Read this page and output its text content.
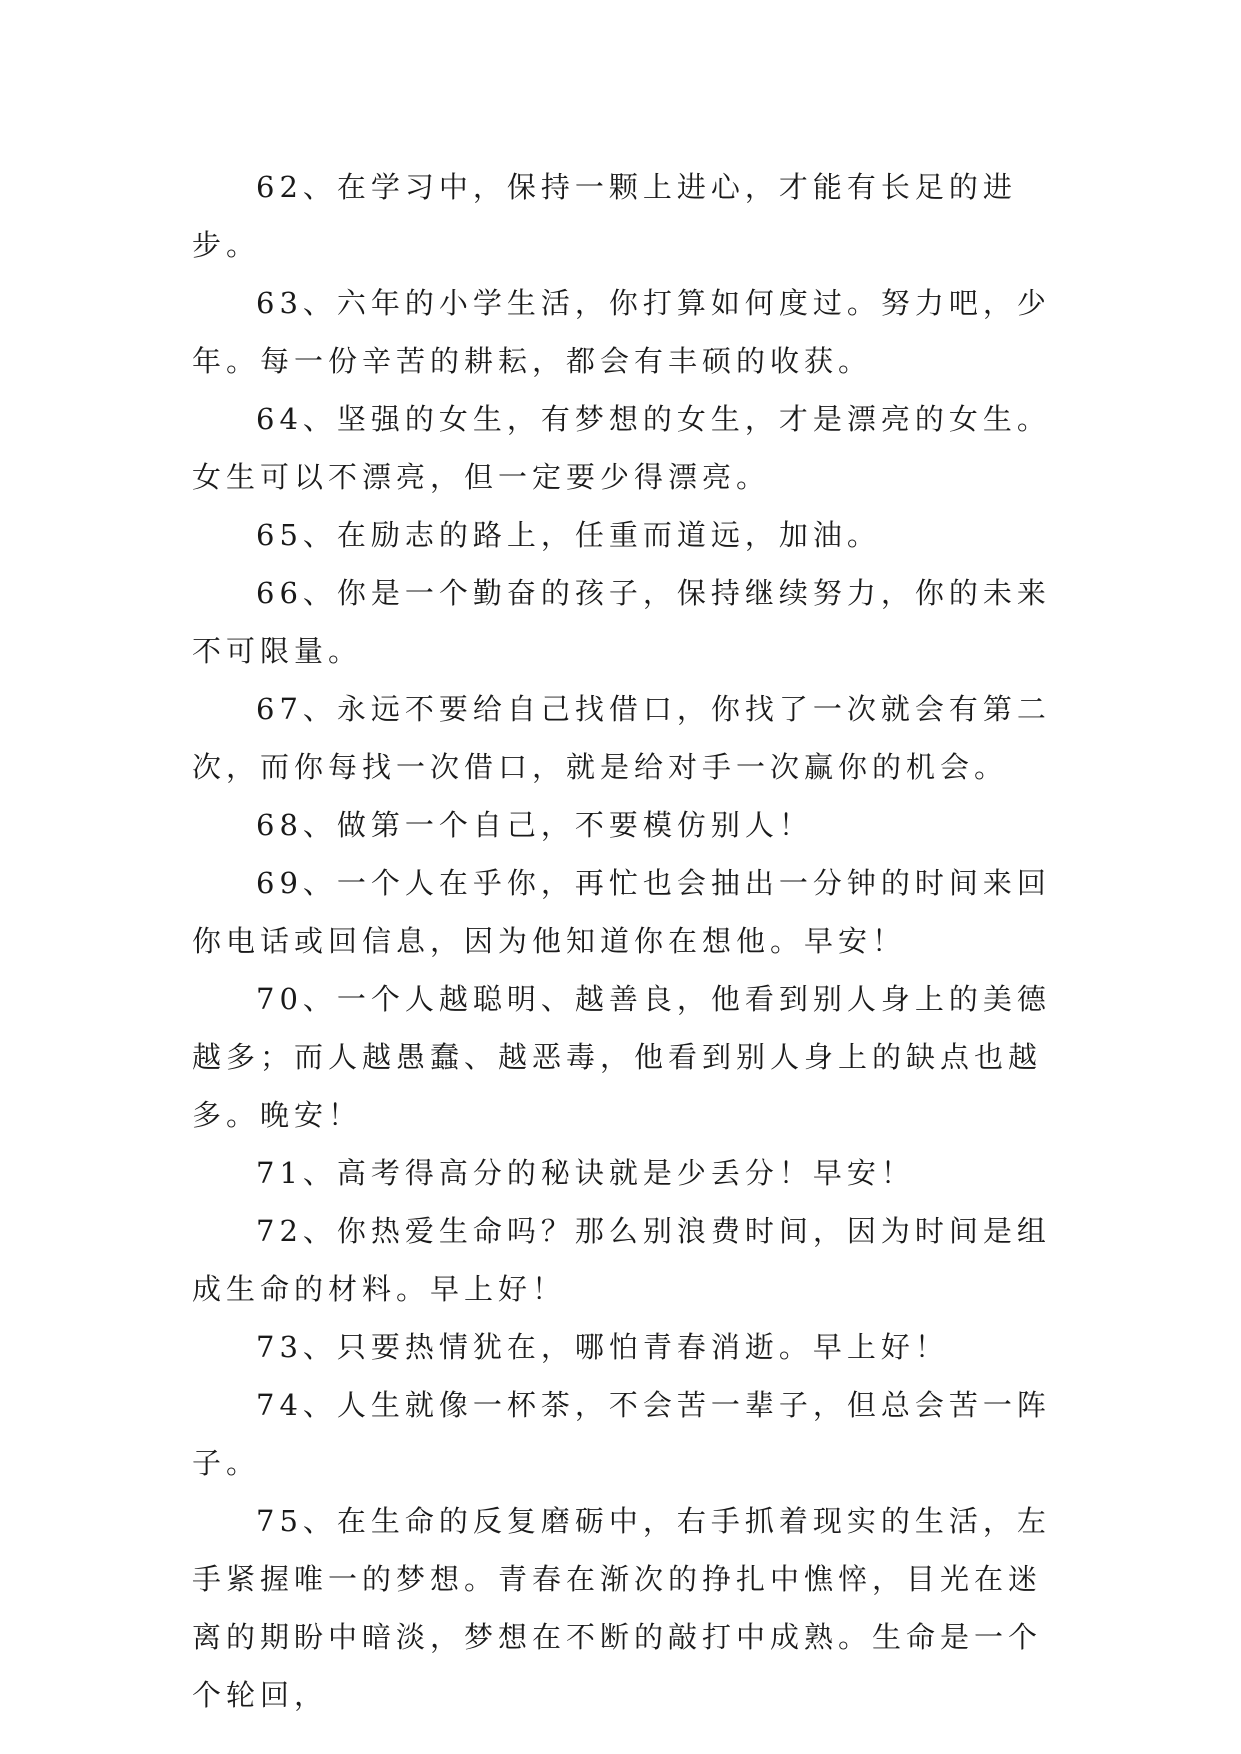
62、在学习中，保持一颗上进心，才能有长足的进步。

63、六年的小学生活，你打算如何度过。努力吧，少年。每一份辛苦的耕耘，都会有丰硕的收获。

64、坚强的女生，有梦想的女生，才是漂亮的女生。女生可以不漂亮，但一定要少得漂亮。

65、在励志的路上，任重而道远，加油。

66、你是一个勤奋的孩子，保持继续努力，你的未来不可限量。

67、永远不要给自己找借口，你找了一次就会有第二次，而你每找一次借口，就是给对手一次赢你的机会。

68、做第一个自己，不要模仿别人！

69、一个人在乎你，再忙也会抽出一分钟的时间来回你电话或回信息，因为他知道你在想他。早安！

70、一个人越聪明、越善良，他看到别人身上的美德越多；而人越愚蠢、越恶毒，他看到别人身上的缺点也越多。晚安！

71、高考得高分的秘诀就是少丢分！早安！

72、你热爱生命吗？那么别浪费时间，因为时间是组成生命的材料。早上好！

73、只要热情犹在，哪怕青春消逝。早上好！

74、人生就像一杯茶，不会苦一辈子，但总会苦一阵子。

75、在生命的反复磨砺中，右手抓着现实的生活，左手紧握唯一的梦想。青春在渐次的挣扎中憔悴，目光在迷离的期盼中暗淡，梦想在不断的敲打中成熟。生命是一个个轮回，
